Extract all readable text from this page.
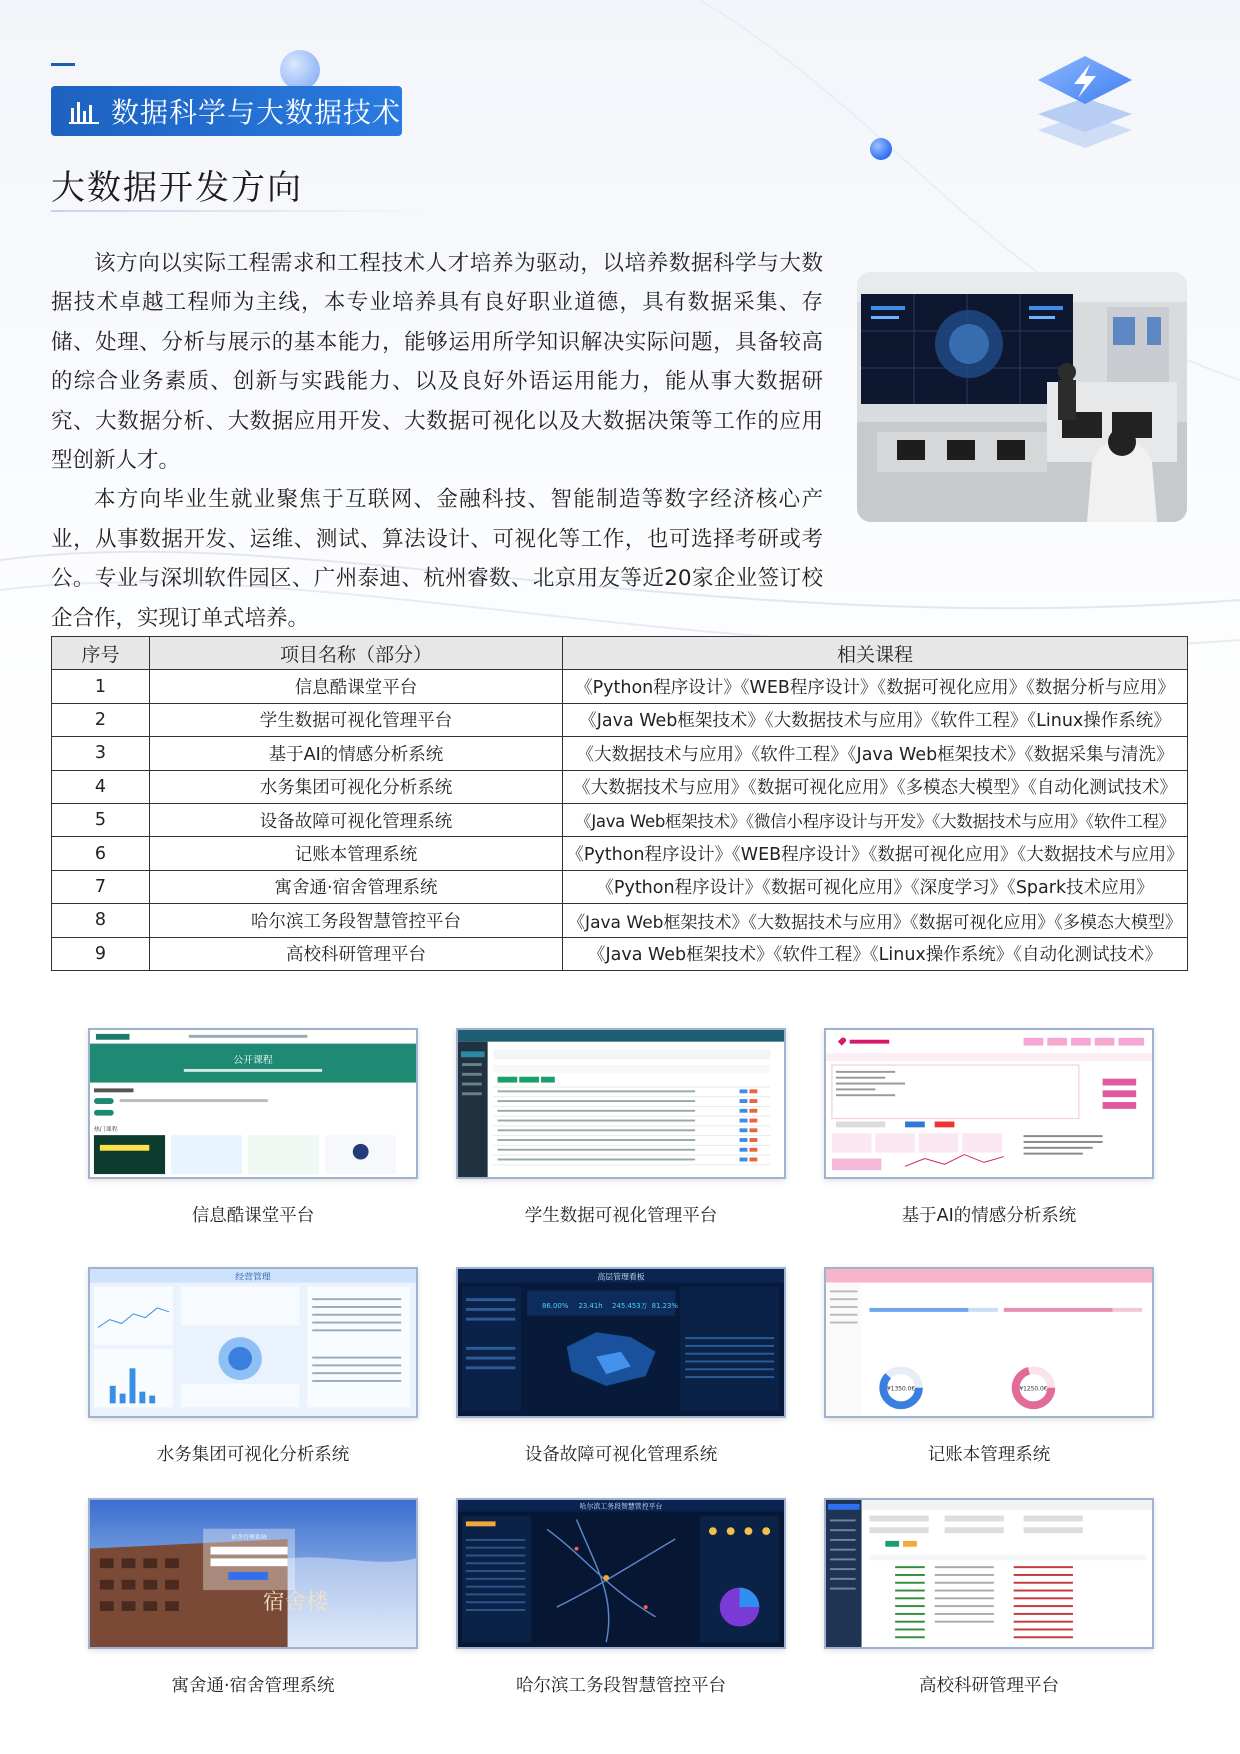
数据科学与大数据技术
大数据开发方向

该方向以实际工程需求和工程技术人才培养为驱动，以培养数据科学与大数据技术卓越工程师为主线，本专业培养具有良好职业道德，具有数据采集、存储、处理、分析与展示的基本能力，能够运用所学知识解决实际问题，具备较高的综合业务素质、创新与实践能力、以及良好外语运用能力，能从事大数据研究、大数据分析、大数据应用开发、大数据可视化以及大数据决策等工作的应用型创新人才。

本方向毕业生就业聚焦于互联网、金融科技、智能制造等数字经济核心产业，从事数据开发、运维、测试、算法设计、可视化等工作，也可选择考研或考公。专业与深圳软件园区、广州泰迪、杭州睿数、北京用友等近20家企业签订校企合作，实现订单式培养。

序号	项目名称（部分）	相关课程
1	信息酷课堂平台	《Python程序设计》《WEB程序设计》《数据可视化应用》《数据分析与应用》
2	学生数据可视化管理平台	《Java Web框架技术》《大数据技术与应用》《软件工程》《Linux操作系统》
3	基于AI的情感分析系统	《大数据技术与应用》《软件工程》《Java Web框架技术》《数据采集与清洗》
4	水务集团可视化分析系统	《大数据技术与应用》《数据可视化应用》《多模态大模型》《自动化测试技术》
5	设备故障可视化管理系统	《Java Web框架技术》《微信小程序设计与开发》《大数据技术与应用》《软件工程》
6	记账本管理系统	《Python程序设计》《WEB程序设计》《数据可视化应用》《大数据技术与应用》
7	寓舍通·宿舍管理系统	《Python程序设计》《数据可视化应用》《深度学习》《Spark技术应用》
8	哈尔滨工务段智慧管控平台	《Java Web框架技术》《大数据技术与应用》《数据可视化应用》《多模态大模型》
9	高校科研管理平台	《Java Web框架技术》《软件工程》《Linux操作系统》《自动化测试技术》
公开课程
热门课程
信息酷课堂平台	学生数据可视化管理平台	基于AI的情感分析系统
经营管理
水务集团可视化分析系统
高层管理看板
86.00% 23.41h 245.453万 81.23%
设备故障可视化管理系统
¥1350.0€	¥1250.0€
记账本管理系统
宿舍楼
宿舍管理系统
寓舍通·宿舍管理系统
哈尔滨工务段智慧管控平台
哈尔滨工务段智慧管控平台	高校科研管理平台
